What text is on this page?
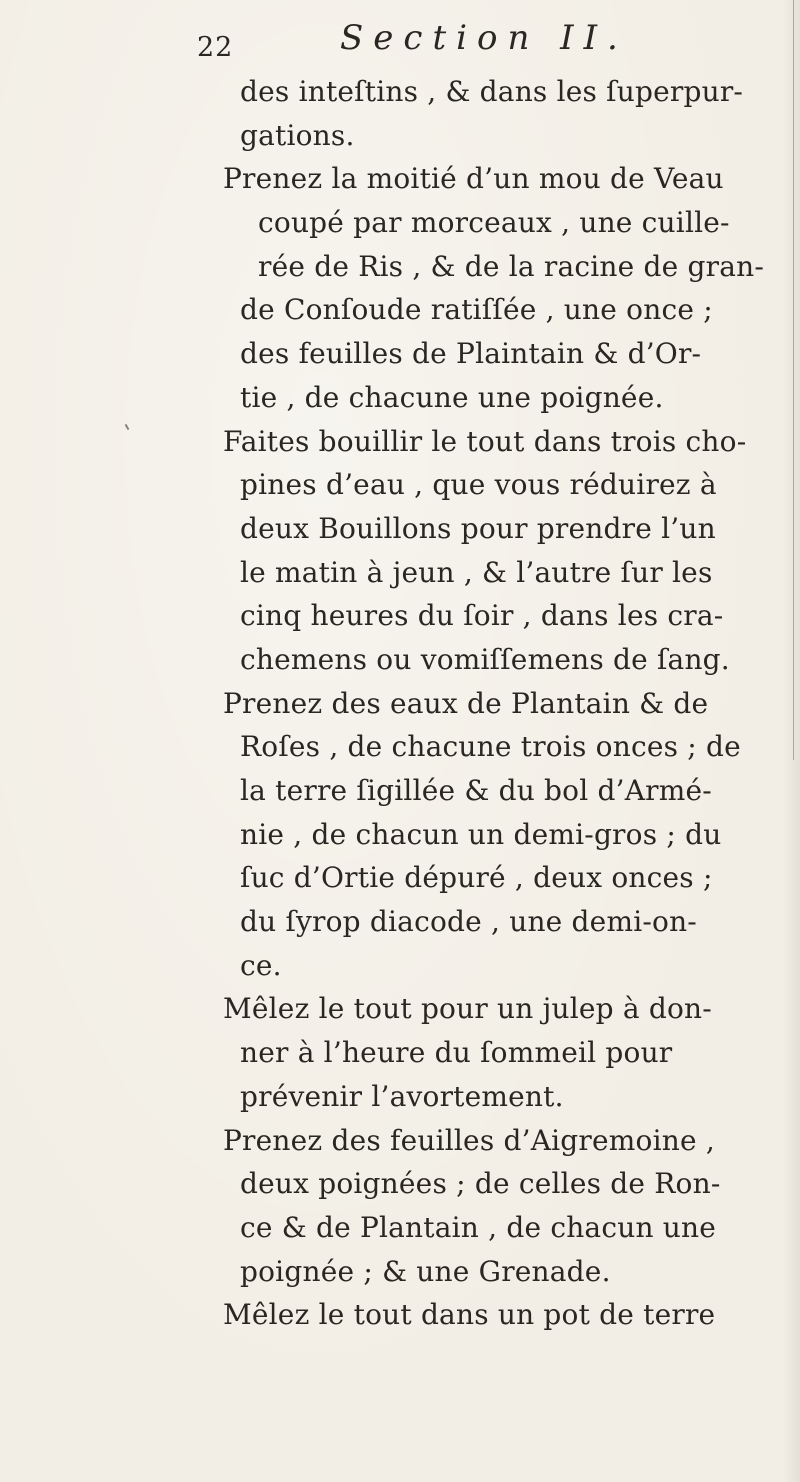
22	Section II.
des inteſtins , & dans les ſuperpur-
gations.
Prenez la moitié d’un mou de Veau
coupé par morceaux , une cuille-
rée de Ris , & de la racine de gran-
de Conſoude ratiſſée , une once ;
des feuilles de Plaintain & d’Or-
tie , de chacune une poignée.
Faites bouillir le tout dans trois cho-
pines d’eau , que vous réduirez à
deux Bouillons pour prendre l’un
le matin à jeun , & l’autre ſur les
cinq heures du ſoir , dans les cra-
chemens ou vomiſſemens de ſang.
Prenez des eaux de Plantain & de
Roſes , de chacune trois onces ; de
la terre ſigillée & du bol d’Armé-
nie , de chacun un demi-gros ; du
ſuc d’Ortie dépuré , deux onces ;
du ſyrop diacode , une demi-on-
ce.
Mêlez le tout pour un julep à don-
ner à l’heure du ſommeil pour
prévenir l’avortement.
Prenez des feuilles d’Aigremoine ,
deux poignées ; de celles de Ron-
ce & de Plantain , de chacun une
poignée ; & une Grenade.
Mêlez le tout dans un pot de terre
